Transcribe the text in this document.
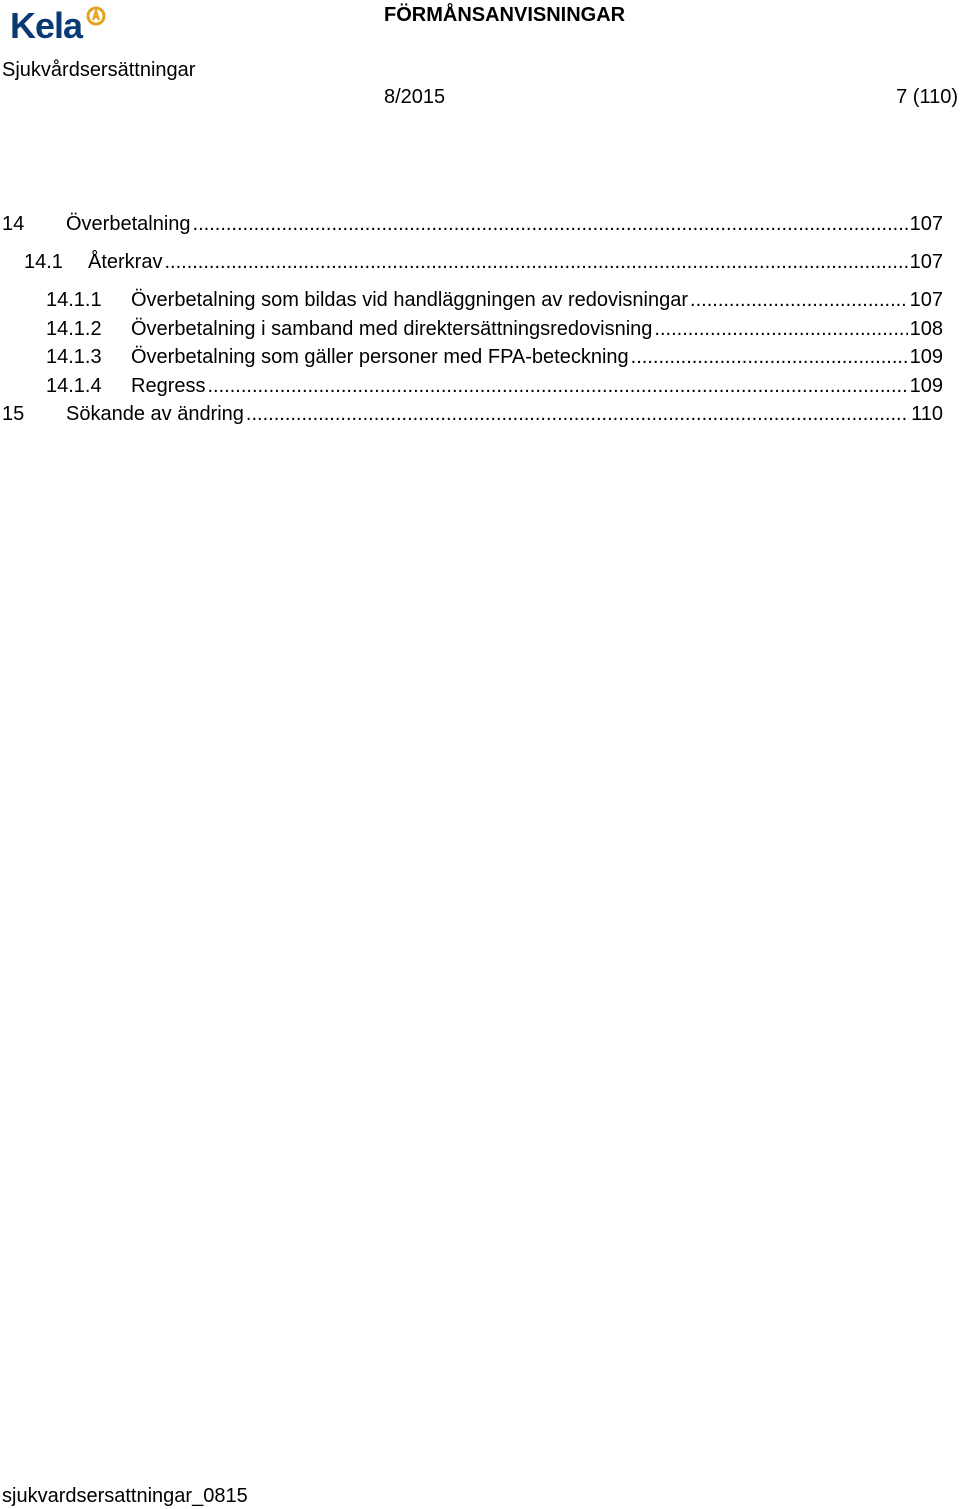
Kela
Sjukvårdsersättningar
FÖRMÅNSANVISNINGAR
8/2015	7 (110)
14	Överbetalning .....	107
14.1	Återkrav .....	107
14.1.1	Överbetalning som bildas vid handläggningen av redovisningar .....	107
14.1.2	Överbetalning i samband med direktersättningsredovisning .....	108
14.1.3	Överbetalning som gäller personer med FPA-beteckning .....	109
14.1.4	Regress .....	109
15	Sökande av ändring .....	110
sjukvardsersattningar_0815
